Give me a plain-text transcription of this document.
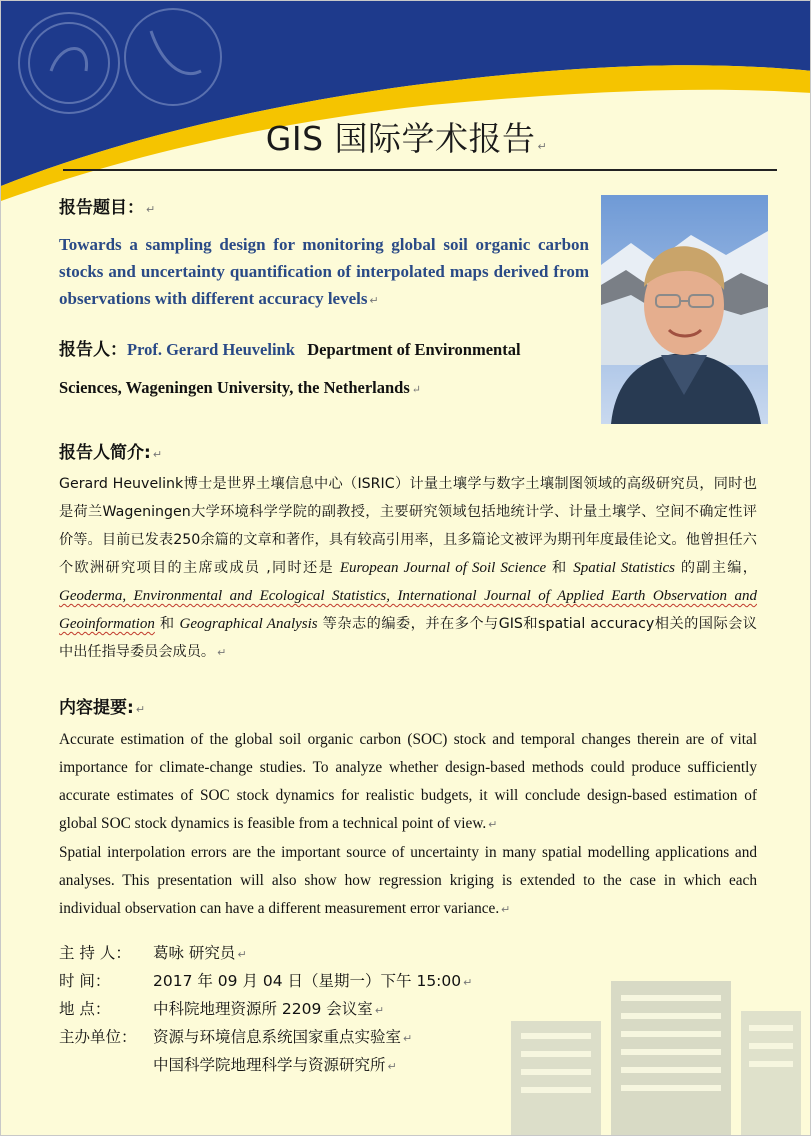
GIS 国际学术报告 ↵
报告题目： ↵
Towards a sampling design for monitoring global soil organic carbon stocks and uncertainty quantification of interpolated maps derived from observations with different accuracy levels ↵
报告人：Prof. Gerard Heuvelink Department of Environmental
Sciences, Wageningen University, the Netherlands ↵
报告人简介: ↵
Gerard Heuvelink博士是世界土壤信息中心（ISRIC）计量土壤学与数字土壤制图领域的高级研究员，同时也是荷兰Wageningen大学环境科学学院的副教授，主要研究领域包括地统计学、计量土壤学、空间不确定性评价等。目前已发表250余篇的文章和著作，具有较高引用率，且多篇论文被评为期刊年度最佳论文。他曾担任六个欧洲研究项目的主席或成员 ,同时还是 European Journal of Soil Science 和 Spatial Statistics 的副主编，Geoderma, Environmental and Ecological Statistics, International Journal of Applied Earth Observation and Geoinformation 和 Geographical Analysis 等杂志的编委，并在多个与GIS和spatial accuracy相关的国际会议中出任指导委员会成员。 ↵
内容提要: ↵

Accurate estimation of the global soil organic carbon (SOC) stock and temporal changes therein are of vital importance for climate-change studies. To analyze whether design-based methods could produce sufficiently accurate estimates of SOC stock dynamics for realistic budgets, it will conclude design-based estimation of global SOC stock dynamics is feasible from a technical point of view. ↵

Spatial interpolation errors are the important source of uncertainty in many spatial modelling applications and analyses. This presentation will also show how regression kriging is extended to the case in which each individual observation can have a different measurement error variance. ↵

主 持 人： 葛咏 研究员 ↵
时 间：	2017 年 09 月 04 日（星期一）下午 15:00 ↵
地 点：	中科院地理资源所 2209 会议室 ↵
主办单位： 资源与环境信息系统国家重点实验室 ↵
中国科学院地理科学与资源研究所 ↵
